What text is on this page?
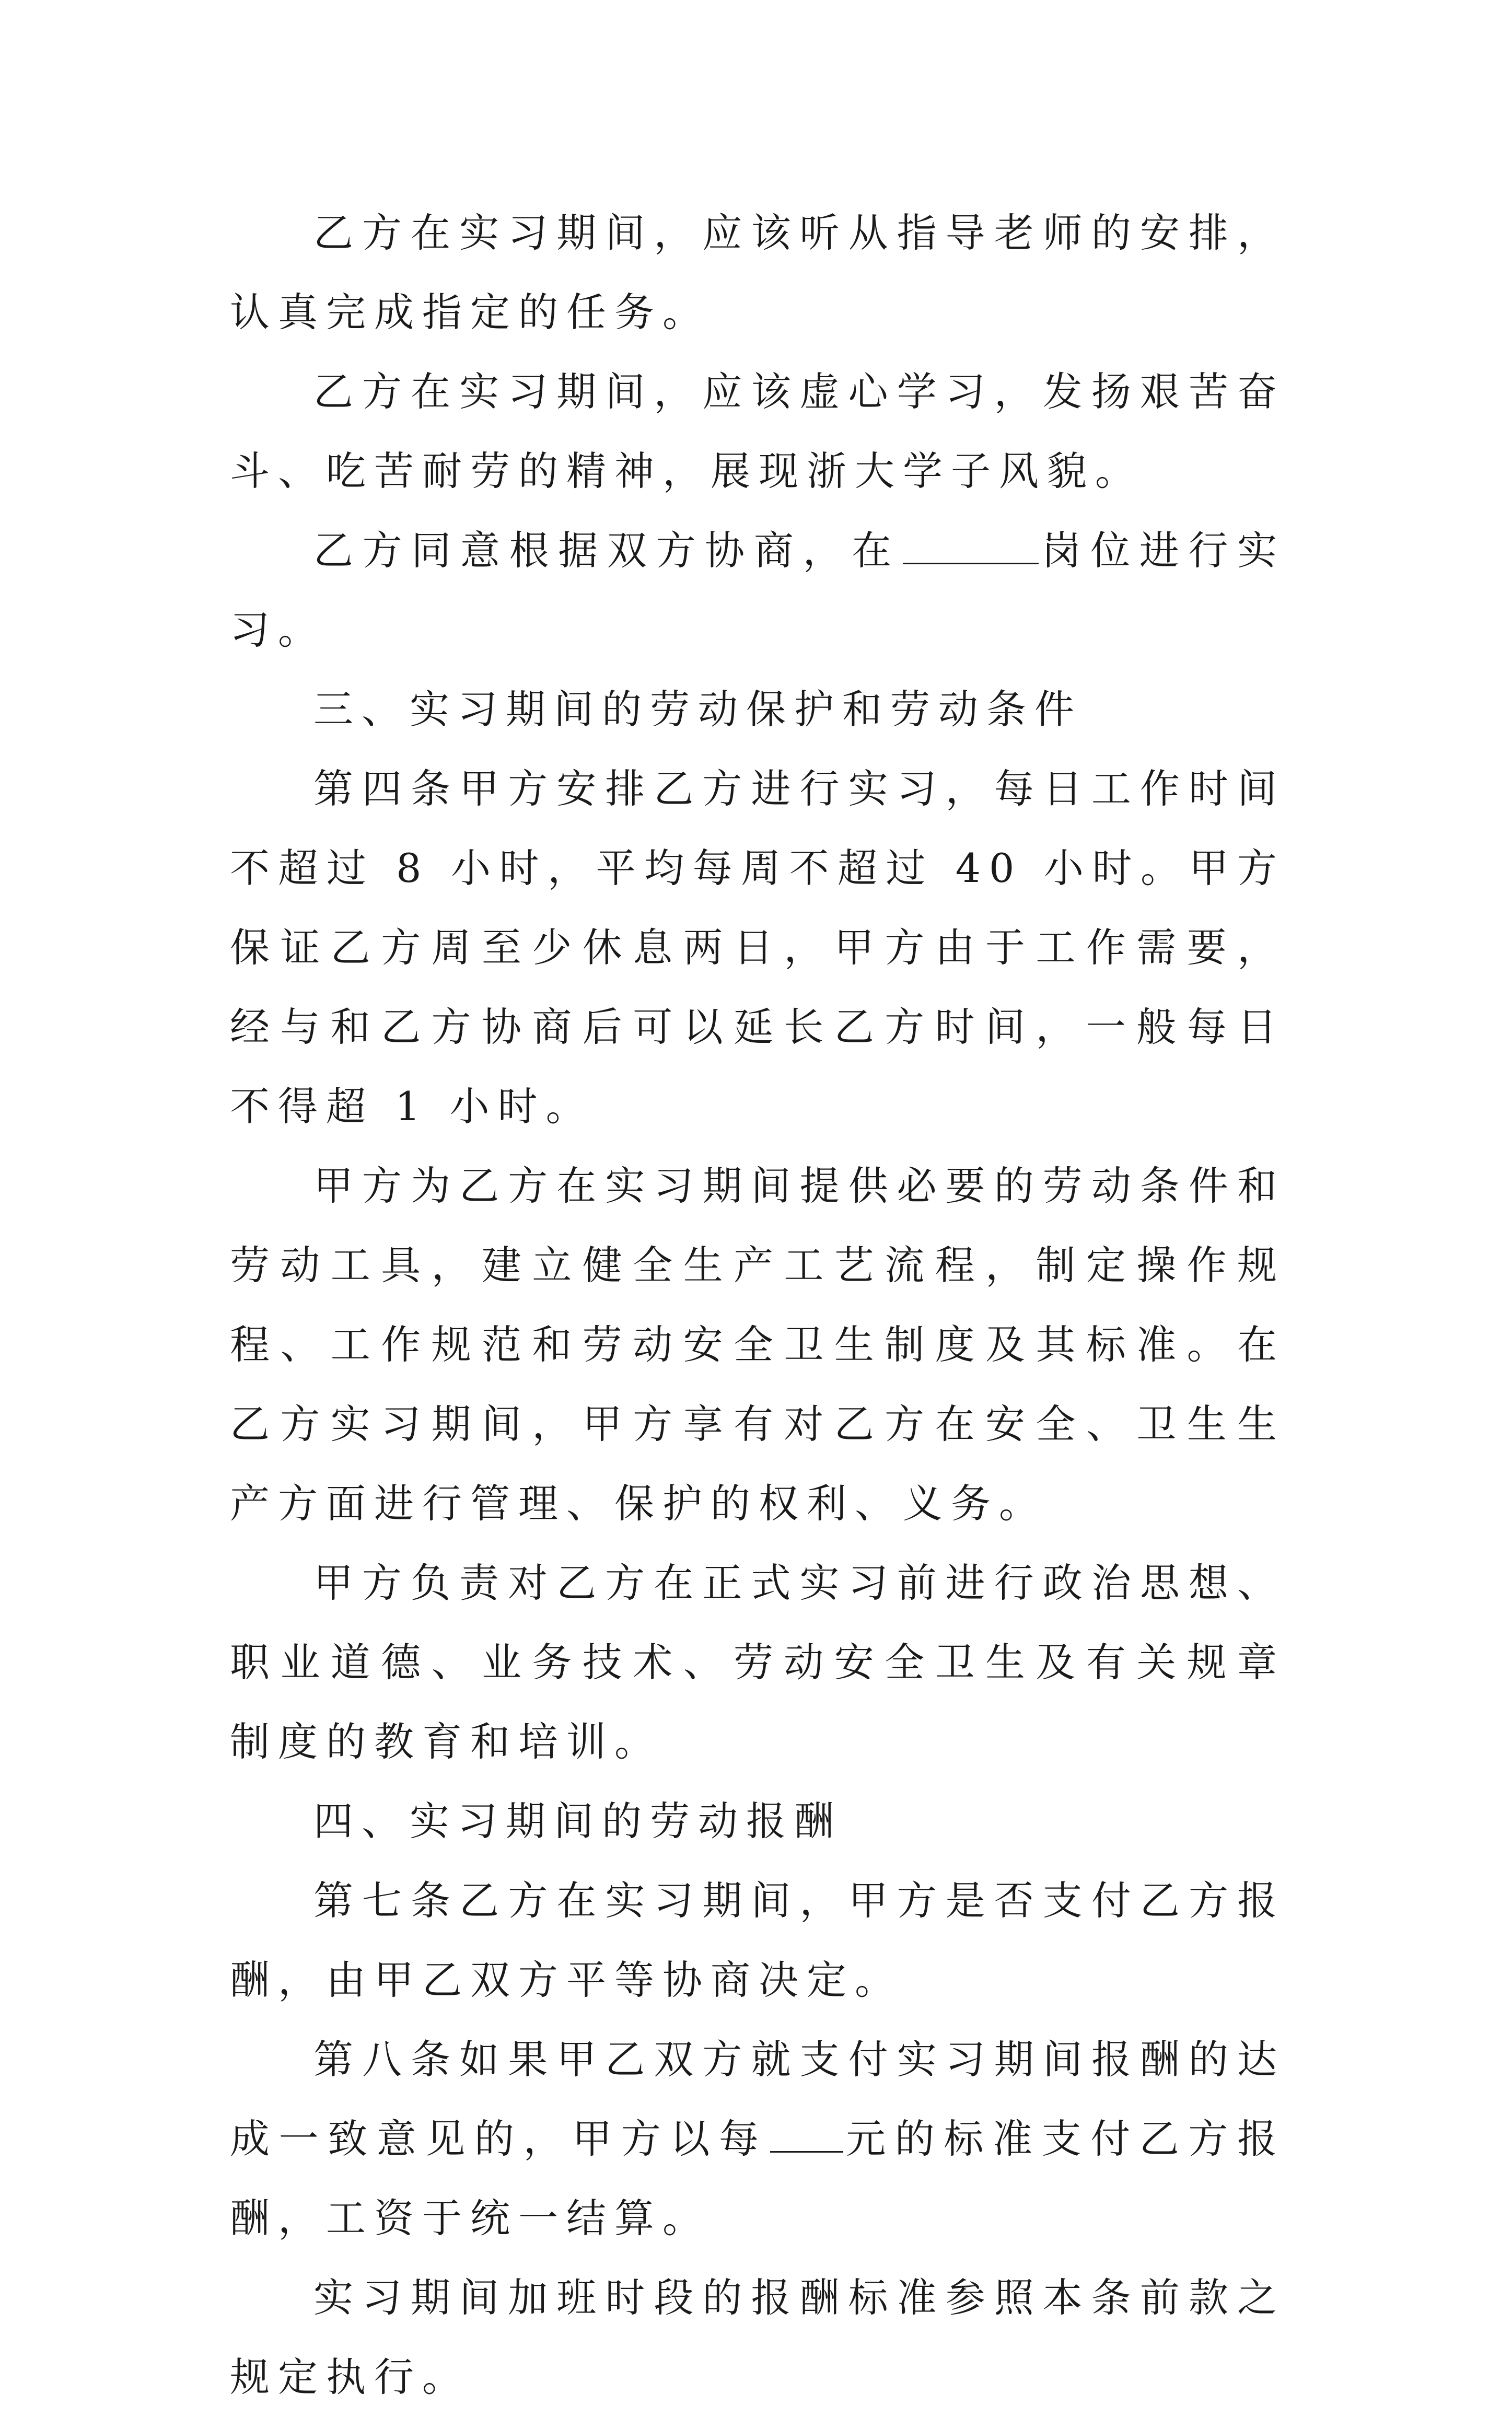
乙方在实习期间，应该听从指导老师的安排，认真完成指定的任务。

乙方在实习期间，应该虚心学习，发扬艰苦奋斗、吃苦耐劳的精神，展现浙大学子风貌。

乙方同意根据双方协商，在	岗位进行实习。

三、实习期间的劳动保护和劳动条件

第四条甲方安排乙方进行实习，每日工作时间不超过 8 小时，平均每周不超过 40 小时。甲方保证乙方周至少休息两日，甲方由于工作需要，经与和乙方协商后可以延长乙方时间，一般每日不得超 1 小时。

甲方为乙方在实习期间提供必要的劳动条件和劳动工具，建立健全生产工艺流程，制定操作规程、工作规范和劳动安全卫生制度及其标准。在乙方实习期间，甲方享有对乙方在安全、卫生生产方面进行管理、保护的权利、义务。

甲方负责对乙方在正式实习前进行政治思想、职业道德、业务技术、劳动安全卫生及有关规章制度的教育和培训。

四、实习期间的劳动报酬

第七条乙方在实习期间，甲方是否支付乙方报酬，由甲乙双方平等协商决定。

第八条如果甲乙双方就支付实习期间报酬的达成一致意见的，甲方以每 元的标准支付乙方报酬，工资于统一结算。

实习期间加班时段的报酬标准参照本条前款之规定执行。
